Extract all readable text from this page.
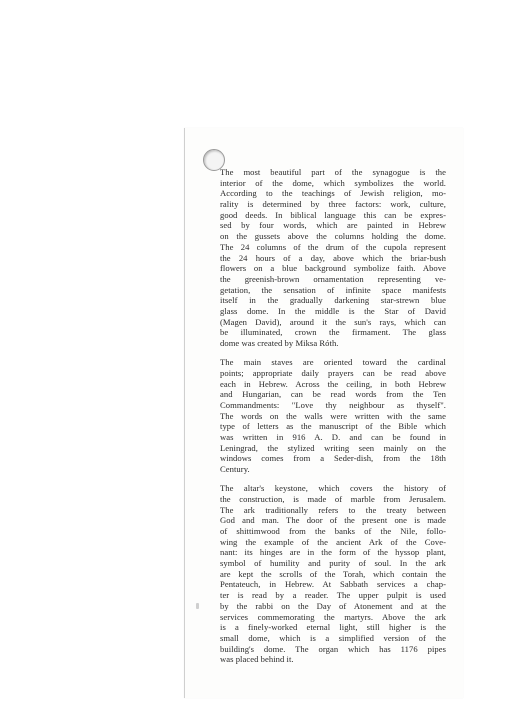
The most beautiful part of the synagogue is the
interior of the dome, which symbolizes the world.
According to the teachings of Jewish religion, mo-
rality is determined by three factors: work, culture,
good deeds. In biblical language this can be expres-
sed by four words, which are painted in Hebrew
on the gussets above the columns holding the dome.
The 24 columns of the drum of the cupola represent
the 24 hours of a day, above which the briar-bush
flowers on a blue background symbolize faith. Above
the greenish-brown ornamentation representing ve-
getation, the sensation of infinite space manifests
itself in the gradually darkening star-strewn blue
glass dome. In the middle is the Star of David
(Magen David), around it the sun's rays, which can
be illuminated, crown the firmament. The glass
dome was created by Miksa Róth.
The main staves are oriented toward the cardinal
points; appropriate daily prayers can be read above
each in Hebrew. Across the ceiling, in both Hebrew
and Hungarian, can be read words from the Ten
Commandments: "Love thy neighbour as thyself".
The words on the walls were written with the same
type of letters as the manuscript of the Bible which
was written in 916 A. D. and can be found in
Leningrad, the stylized writing seen mainly on the
windows comes from a Seder-dish, from the 18th
Century.
The altar's keystone, which covers the history of
the construction, is made of marble from Jerusalem.
The ark traditionally refers to the treaty between
God and man. The door of the present one is made
of shittimwood from the banks of the Nile, follo-
wing the example of the ancient Ark of the Cove-
nant: its hinges are in the form of the hyssop plant,
symbol of humility and purity of soul. In the ark
are kept the scrolls of the Torah, which contain the
Pentateuch, in Hebrew. At Sabbath services a chap-
ter is read by a reader. The upper pulpit is used
by the rabbi on the Day of Atonement and at the
services commemorating the martyrs. Above the ark
is a finely-worked eternal light, still higher is the
small dome, which is a simplified version of the
building's dome. The organ which has 1176 pipes
was placed behind it.
